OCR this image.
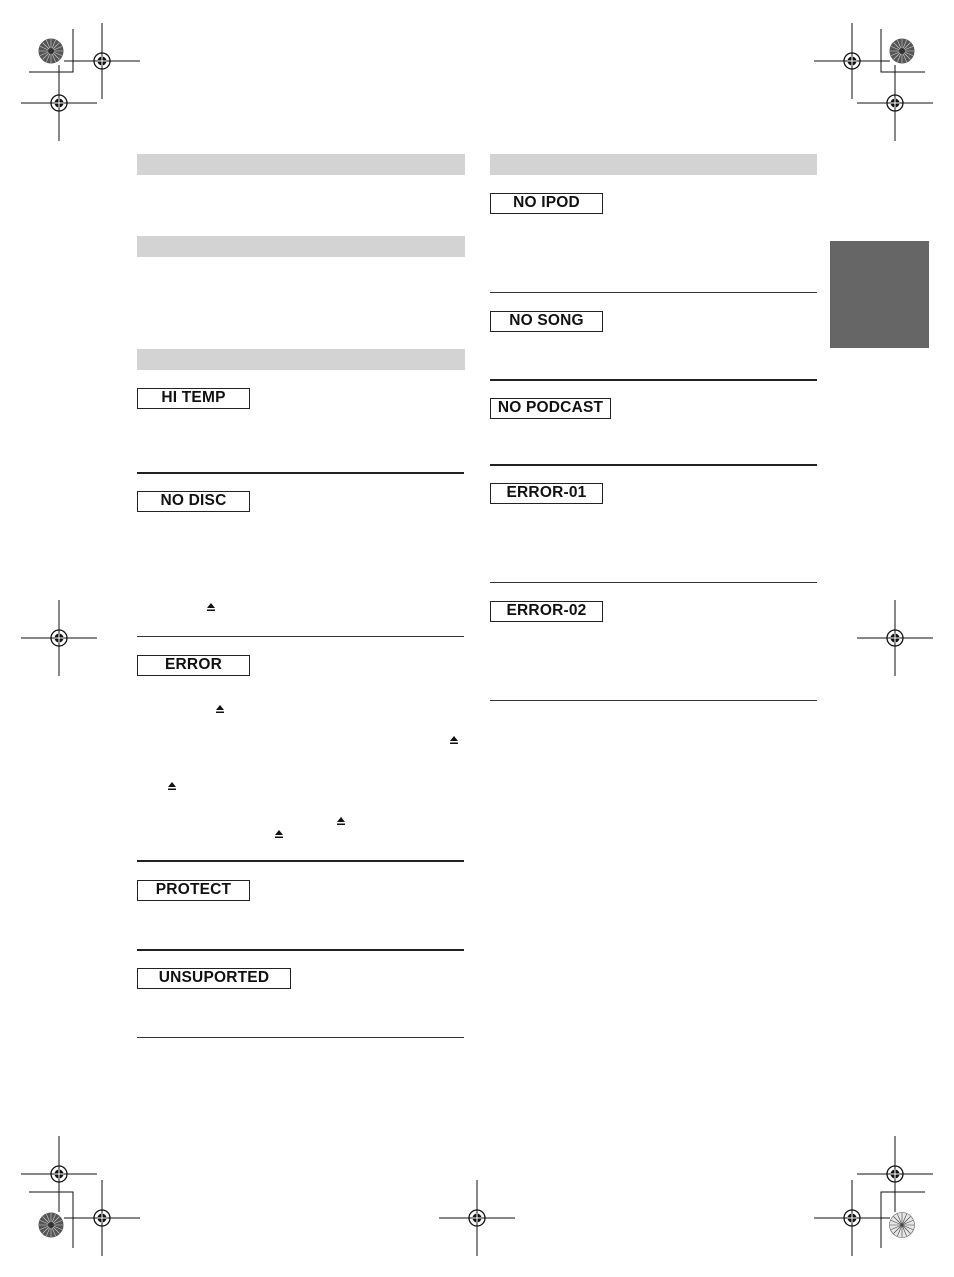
HI TEMP
NO DISC
ERROR
PROTECT
UNSUPORTED
NO IPOD
NO SONG
NO PODCAST
ERROR-01
ERROR-02
